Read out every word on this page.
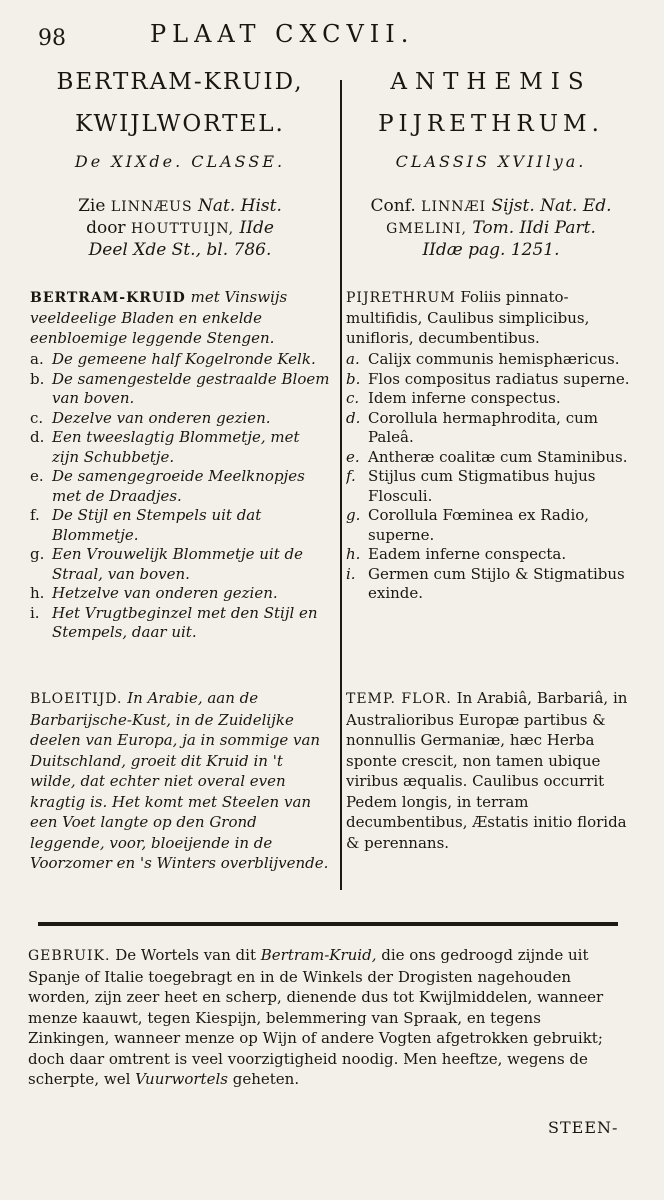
98	PLAAT CXCVII.
BERTRAM-KRUID,
KWIJLWORTEL.
De XIXde. CLASSE.
Zie LINNÆUS Nat. Hist.
door HOUTTUIJN, IIde
Deel Xde St., bl. 786.
BERTRAM-KRUID met Vinswijs veeldeelige Bladen en enkelde eenbloemige leggende Stengen.
a. De gemeene half Kogelronde Kelk.
b. De samengestelde gestraalde Bloem van boven.
c. Dezelve van onderen gezien.
d. Een tweeslagtig Blommetje, met zijn Schubbetje.
e. De samengegroeide Meelknopjes met de Draadjes.
f. De Stijl en Stempels uit dat Blommetje.
g. Een Vrouwelijk Blommetje uit de Straal, van boven.
h. Hetzelve van onderen gezien.
i. Het Vrugtbeginzel met den Stijl en Stempels, daar uit.
BLOEITIJD. In Arabie, aan de Barbarijsche-Kust, in de Zuidelijke deelen van Europa, ja in sommige van Duitschland, groeit dit Kruid in 't wilde, dat echter niet overal even kragtig is. Het komt met Steelen van een Voet langte op den Grond leggende, voor, bloeijende in de Voorzomer en 's Winters overblijvende.
ANTHEMIS
PIJRETHRUM.
CLASSIS XVIIlya.
Conf. LINNÆI Sijst. Nat. Ed.
GMELINI, Tom. IIdi Part.
IIdæ pag. 1251.
PIJRETHRUM Foliis pinnato-multifidis, Caulibus simplicibus, unifloris, decumbentibus.
a. Calijx communis hemisphæricus.
b. Flos compositus radiatus superne.
c. Idem inferne conspectus.
d. Corollula hermaphrodita, cum Paleâ.
e. Antheræ coalitæ cum Staminibus.
f. Stijlus cum Stigmatibus hujus Flosculi.
g. Corollula Fœminea ex Radio, superne.
h. Eadem inferne conspecta.
i. Germen cum Stijlo & Stigmatibus exinde.
TEMP. FLOR. In Arabiâ, Barbariâ, in Australioribus Europæ partibus & nonnullis Germaniæ, hæc Herba sponte crescit, non tamen ubique viribus æqualis. Caulibus occurrit Pedem longis, in terram decumbentibus, Æstatis initio florida & perennans.
GEBRUIK. De Wortels van dit Bertram-Kruid, die ons gedroogd zijnde uit Spanje of Italie toegebragt en in de Winkels der Drogisten nagehouden worden, zijn zeer heet en scherp, dienende dus tot Kwijlmiddelen, wanneer menze kaauwt, tegen Kiespijn, belemmering van Spraak, en tegens Zinkingen, wanneer menze op Wijn of andere Vogten afgetrokken gebruikt; doch daar omtrent is veel voorzigtigheid noodig. Men heeftze, wegens de scherpte, wel Vuurwortels geheten.
STEEN-
